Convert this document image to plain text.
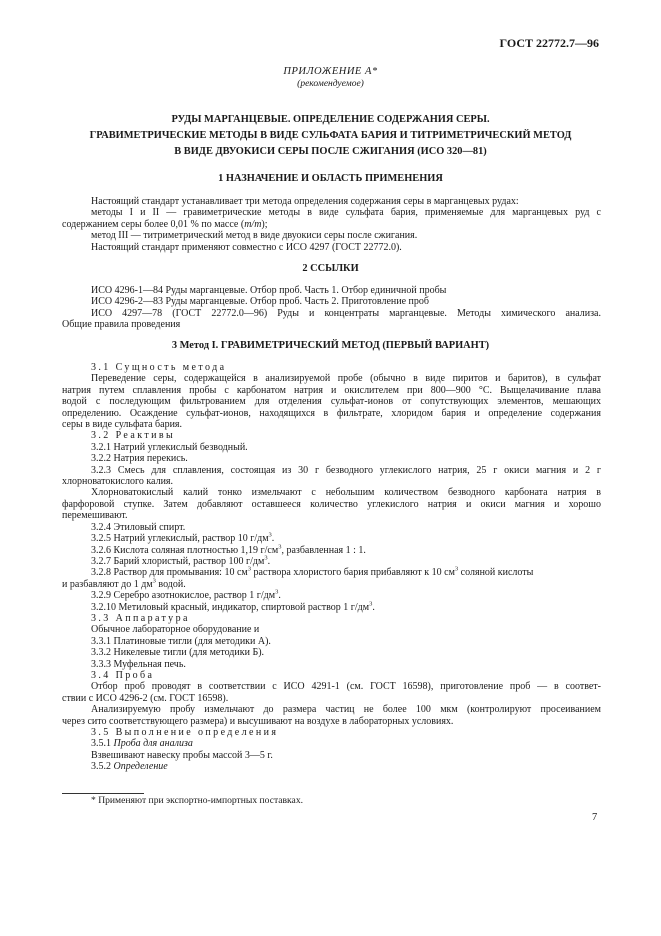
ГОСТ 22772.7—96
ПРИЛОЖЕНИЕ А*
(рекомендуемое)
РУДЫ МАРГАНЦЕВЫЕ. ОПРЕДЕЛЕНИЕ СОДЕРЖАНИЯ СЕРЫ.
ГРАВИМЕТРИЧЕСКИЕ МЕТОДЫ В ВИДЕ СУЛЬФАТА БАРИЯ И ТИТРИМЕТРИЧЕСКИЙ МЕТОД
В ВИДЕ ДВУОКИСИ СЕРЫ ПОСЛЕ СЖИГАНИЯ (ИСО 320—81)
1 НАЗНАЧЕНИЕ И ОБЛАСТЬ ПРИМЕНЕНИЯ
Настоящий стандарт устанавливает три метода определения содержания серы в марганцевых рудах:
методы I и II — гравиметрические методы в виде сульфата бария, применяемые для марганцевых руд с
содержанием серы более 0,01 % по массе (m/m);
метод III — титриметрический метод в виде двуокиси серы после сжигания.
Настоящий стандарт применяют совместно с ИСО 4297 (ГОСТ 22772.0).
2 ССЫЛКИ
ИСО 4296-1—84 Руды марганцевые. Отбор проб. Часть 1. Отбор единичной пробы
ИСО 4296-2—83 Руды марганцевые. Отбор проб. Часть 2. Приготовление проб
ИСО 4297—78 (ГОСТ 22772.0—96) Руды и концентраты марганцевые. Методы химического анализа.
Общие правила проведения
3 Метод I. ГРАВИМЕТРИЧЕСКИЙ МЕТОД (ПЕРВЫЙ ВАРИАНТ)
3.1 Сущность метода
Переведение серы, содержащейся в анализируемой пробе (обычно в виде пиритов и баритов), в сульфат
натрия путем сплавления пробы с карбонатом натрия и окислителем при 800—900 °С. Выщелачивание плава
водой с последующим фильтрованием для отделения сульфат-ионов от сопутствующих элементов, мешающих
определению. Осаждение сульфат-ионов, находящихся в фильтрате, хлоридом бария и определение содержания
серы в виде сульфата бария.
3.2 Реактивы
3.2.1 Натрий углекислый безводный.
3.2.2 Натрия перекись.
3.2.3 Смесь для сплавления, состоящая из 30 г безводного углекислого натрия, 25 г окиси магния и 2 г
хлорноватокислого калия.
Хлорноватокислый калий тонко измельчают с небольшим количеством безводного карбоната натрия в
фарфоровой ступке. Затем добавляют оставшееся количество углекислого натрия и окиси магния и хорошо
перемешивают.
3.2.4 Этиловый спирт.
3.2.5 Натрий углекислый, раствор 10 $г/дм^3$.
3.2.6 Кислота соляная плотностью 1,19 $г/см^3$, разбавленная 1 : 1.
3.2.7 Барий хлористый, раствор 100 $г/дм^3$.
3.2.8 Раствор для промывания: 10 $см^3$ раствора хлористого бария прибавляют к 10 $см^3$ соляной кислоты
и разбавляют до 1 $дм^3$ водой.
3.2.9 Серебро азотнокислое, раствор 1 $г/дм^3$.
3.2.10 Метиловый красный, индикатор, спиртовой раствор 1 $г/дм^3$.
3.3 Аппаратура
Обычное лабораторное оборудование и
3.3.1 Платиновые тигли (для методики А).
3.3.2 Никелевые тигли (для методики Б).
3.3.3 Муфельная печь.
3.4 Проба
Отбор проб проводят в соответствии с ИСО 4291-1 (см. ГОСТ 16598), приготовление проб — в соответ-
ствии с ИСО 4296-2 (см. ГОСТ 16598).
Анализируемую пробу измельчают до размера частиц не более 100 мкм (контролируют просеиванием
через сито соответствующего размера) и высушивают на воздухе в лабораторных условиях.
3.5 Выполнение определения
3.5.1 Проба для анализа
Взвешивают навеску пробы массой 3—5 г.
3.5.2 Определение
* Применяют при экспортно-импортных поставках.
7
